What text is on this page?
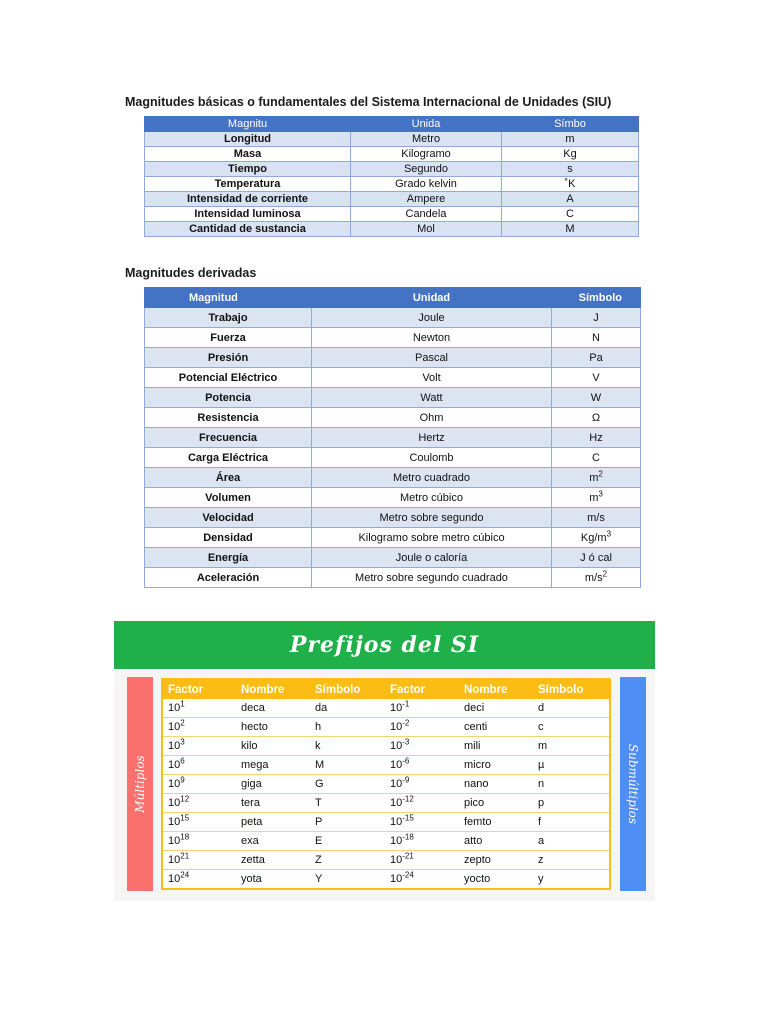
Magnitudes básicas o fundamentales del Sistema Internacional de Unidades (SIU)
Magnitu	Unida	Símbo
Longitud	Metro	m
Masa	Kilogramo	Kg
Tiempo	Segundo	s
Temperatura	Grado kelvin	˚K
Intensidad de corriente	Ampere	A
Intensidad luminosa	Candela	C
Cantidad de sustancia	Mol	M
Magnitudes derivadas
Magnitud	Unidad	Símbolo
Trabajo	Joule	J
Fuerza	Newton	N
Presión	Pascal	Pa
Potencial Eléctrico	Volt	V
Potencia	Watt	W
Resistencia	Ohm	Ω
Frecuencia	Hertz	Hz
Carga Eléctrica	Coulomb	C
Área	Metro cuadrado	$m^2$
Volumen	Metro cúbico	$m^3$
Velocidad	Metro sobre segundo	m/s
Densidad	Kilogramo sobre metro cúbico	$Kg/m^3$
Energía	Joule o caloría	J ó cal
Aceleración	Metro sobre segundo cuadrado	$m/s^2$
Prefijos del SI
Múltiplos	Submúltiplos
Factor	Nombre	Símbolo	Factor	Nombre	Símbolo
$10^1$	deca	da	$10^{-1}$	deci	d
$10^2$	hecto	h	$10^{-2}$	centi	c
$10^3$	kilo	k	$10^{-3}$	mili	m
$10^6$	mega	M	$10^{-6}$	micro	µ
$10^9$	giga	G	$10^{-9}$	nano	n
$10^{12}$	tera	T	$10^{-12}$	pico	p
$10^{15}$	peta	P	$10^{-15}$	femto	f
$10^{18}$	exa	E	$10^{-18}$	atto	a
$10^{21}$	zetta	Z	$10^{-21}$	zepto	z
$10^{24}$	yota	Y	$10^{-24}$	yocto	y
